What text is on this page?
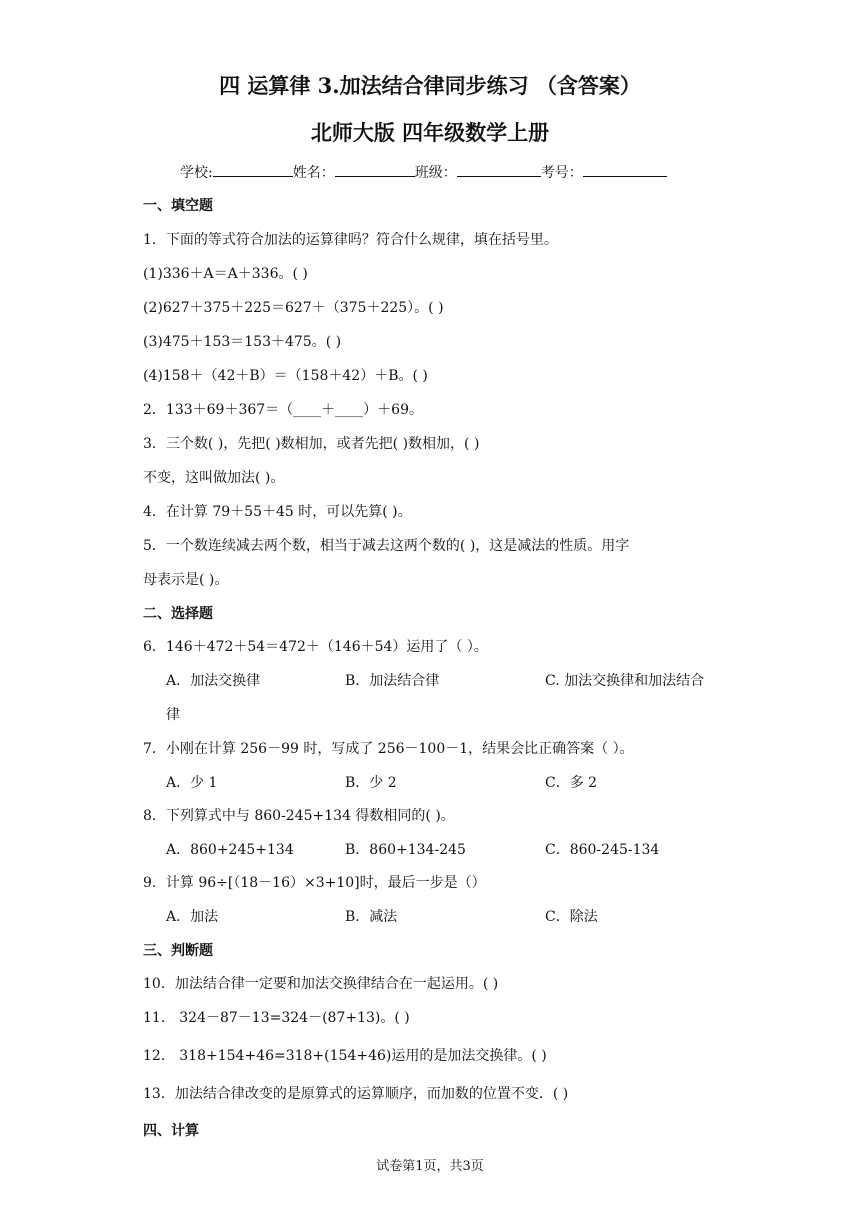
四 运算律 3.加法结合律同步练习 （含答案）
北师大版 四年级数学上册
学校:	姓名：	班级：	考号：
一、填空题
1．下面的等式符合加法的运算律吗？符合什么规律，填在括号里。
(1)336＋A＝A＋336。( )
(2)627＋375＋225＝627＋（375＋225）。( )
(3)475＋153＝153＋475。( )
(4)158＋（42＋B）＝（158＋42）＋B。( )
2．133＋69＋367＝（____＋____）＋69。
3．三个数( )，先把( )数相加，或者先把( )数相加，( )
不变，这叫做加法( )。
4．在计算 79＋55＋45 时，可以先算( )。
5．一个数连续减去两个数，相当于减去这两个数的( )，这是减法的性质。用字
母表示是( )。
二、选择题
6．146＋472＋54＝472＋（146＋54）运用了（ ）。
A．加法交换律	B．加法结合律	C. 加法交换律和加法结合
律
7．小刚在计算 256－99 时，写成了 256－100－1，结果会比正确答案（ ）。
A．少 1	B．少 2	C．多 2
8．下列算式中与 860-245+134 得数相同的( )。
A．860+245+134	B．860+134-245	C．860-245-134
9．计算 96÷[（18－16）×3+10]时，最后一步是（）
A．加法	B．减法	C．除法
三、判断题
10．加法结合律一定要和加法交换律结合在一起运用。( )
11． 324－87－13=324－(87+13)。( )
12． 318+154+46=318+(154+46)运用的是加法交换律。( )
13．加法结合律改变的是原算式的运算顺序，而加数的位置不变．( )
四、计算
试卷第1页，共3页
